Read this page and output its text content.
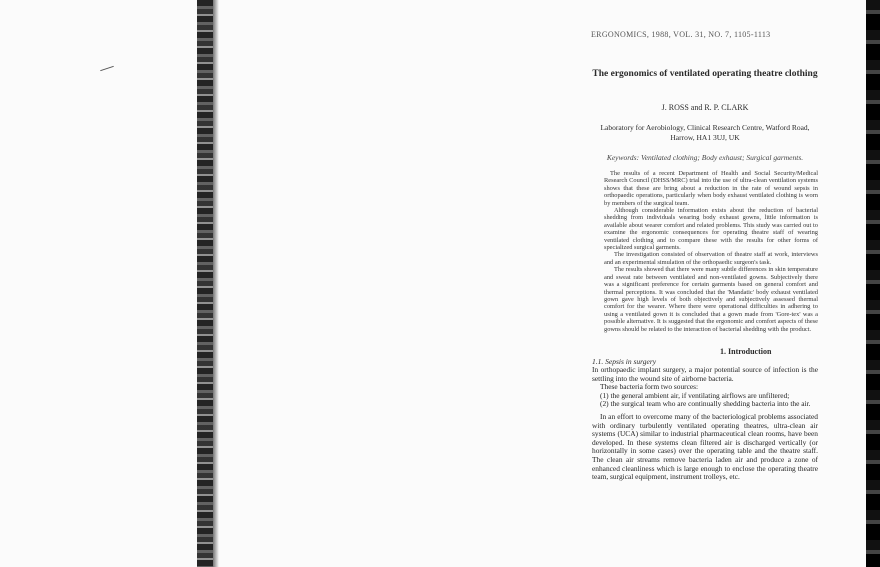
ERGONOMICS, 1988, VOL. 31, NO. 7, 1105-1113
The ergonomics of ventilated operating theatre clothing
J. ROSS and R. P. CLARK
Laboratory for Aerobiology, Clinical Research Centre, Watford Road, Harrow, HA1 3UJ, UK
Keywords: Ventilated clothing; Body exhaust; Surgical garments.

The results of a recent Department of Health and Social Security/Medical Research Council (DHSS/MRC) trial into the use of ultra-clean ventilation systems shows that these are bring about a reduction in the rate of wound sepsis in orthopaedic operations, particularly when body exhaust ventilated clothing is worn by members of the surgical team.

Although considerable information exists about the reduction of bacterial shedding from individuals wearing body exhaust gowns, little information is available about wearer comfort and related problems. This study was carried out to examine the ergonomic consequences for operating theatre staff of wearing ventilated clothing and to compare these with the results for other forms of specialized surgical garments.

The investigation consisted of observation of theatre staff at work, interviews and an experimental simulation of the orthopaedic surgeon's task.

The results showed that there were many subtle differences in skin temperature and sweat rate between ventilated and non-ventilated gowns. Subjectively there was a significant preference for certain garments based on general comfort and thermal perceptions. It was concluded that the 'Mandatic' body exhaust ventilated gown gave high levels of both objectively and subjectively assessed thermal comfort for the wearer. Where there were operational difficulties in adhering to using a ventilated gown it is concluded that a gown made from 'Gore-tex' was a possible alternative. It is suggested that the ergonomic and comfort aspects of these gowns should be related to the interaction of bacterial shedding with the product.

1. Introduction
1.1. Sepsis in surgery

In orthopaedic implant surgery, a major potential source of infection is the settling into the wound site of airborne bacteria.

These bacteria form two sources:

(1) the general ambient air, if ventilating airflows are unfiltered;

(2) the surgical team who are continually shedding bacteria into the air.

In an effort to overcome many of the bacteriological problems associated with ordinary turbulently ventilated operating theatres, ultra-clean air systems (UCA) similar to industrial pharmaceutical clean rooms, have been developed. In these systems clean filtered air is discharged vertically (or horizontally in some cases) over the operating table and the theatre staff. The clean air streams remove bacteria laden air and produce a zone of enhanced cleanliness which is large enough to enclose the operating theatre team, surgical equipment, instrument trolleys, etc.
